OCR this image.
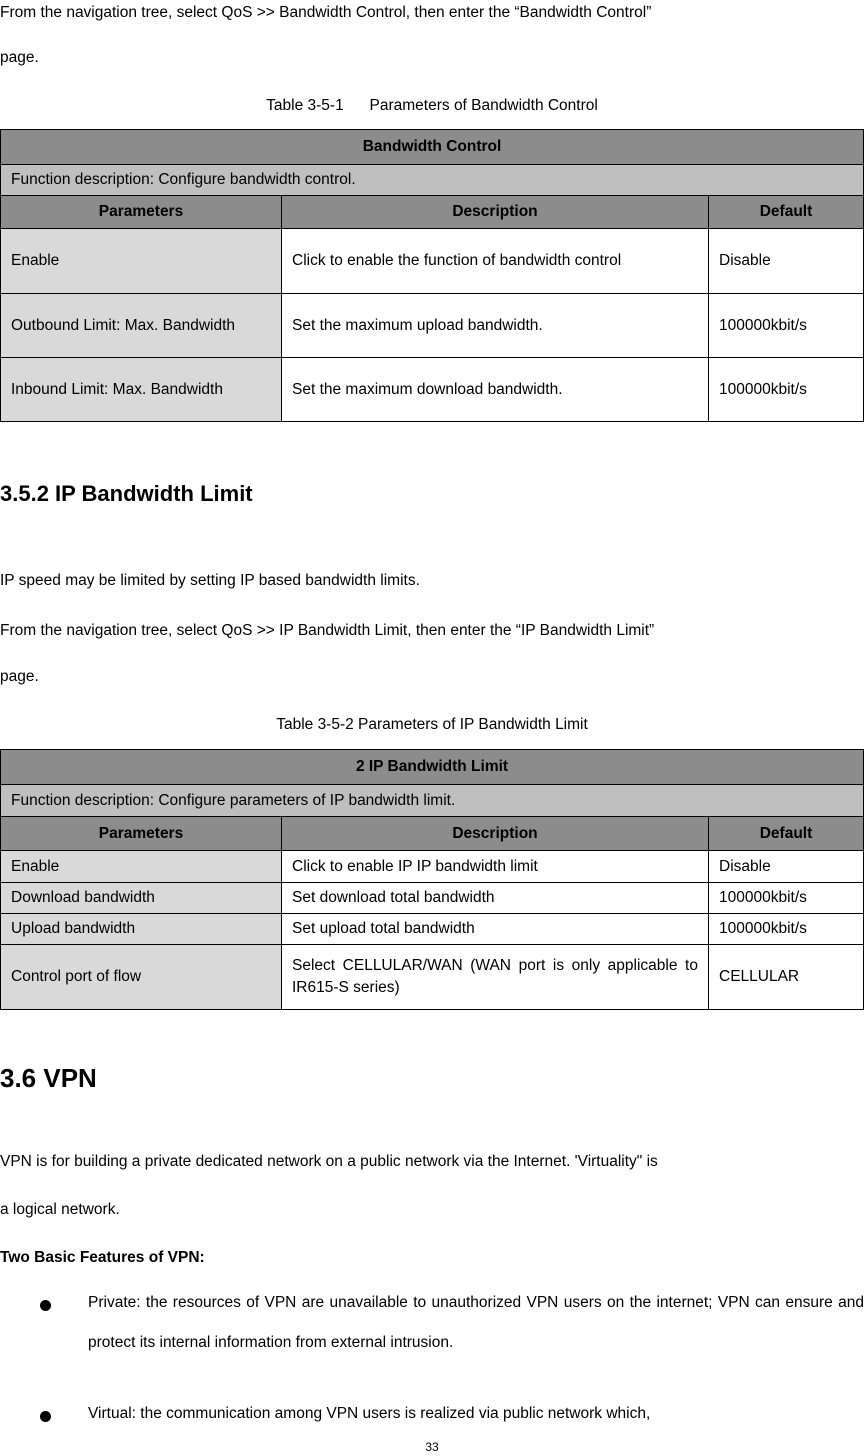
From the navigation tree, select QoS >> Bandwidth Control, then enter the “Bandwidth Control”

page.

Table 3-5-1      Parameters of Bandwidth Control

Bandwidth Control		
Function description: Configure bandwidth control.		
Parameters	Description	Default
Enable	Click to enable the function of bandwidth control	Disable
Outbound Limit: Max. Bandwidth	Set the maximum upload bandwidth.	100000kbit/s
Inbound Limit: Max. Bandwidth	Set the maximum download bandwidth.	100000kbit/s
3.5.2 IP Bandwidth Limit

IP speed may be limited by setting IP based bandwidth limits.

From the navigation tree, select QoS >> IP Bandwidth Limit, then enter the “IP Bandwidth Limit”

page.

Table 3-5-2 Parameters of IP Bandwidth Limit

2 IP Bandwidth Limit		
Function description: Configure parameters of IP bandwidth limit.		
Parameters	Description	Default
Enable	Click to enable IP IP bandwidth limit	Disable
Download bandwidth	Set download total bandwidth	100000kbit/s
Upload bandwidth	Set upload total bandwidth	100000kbit/s
Control port of flow	Select CELLULAR/WAN (WAN port is only applicable to IR615-S series)	CELLULAR
3.6 VPN

VPN is for building a private dedicated network on a public network via the Internet. 'Virtuality" is

a logical network.

Two Basic Features of VPN:

Private: the resources of VPN are unavailable to unauthorized VPN users on the internet; VPN can ensure and protect its internal information from external intrusion.
Virtual: the communication among VPN users is realized via public network which,
33
